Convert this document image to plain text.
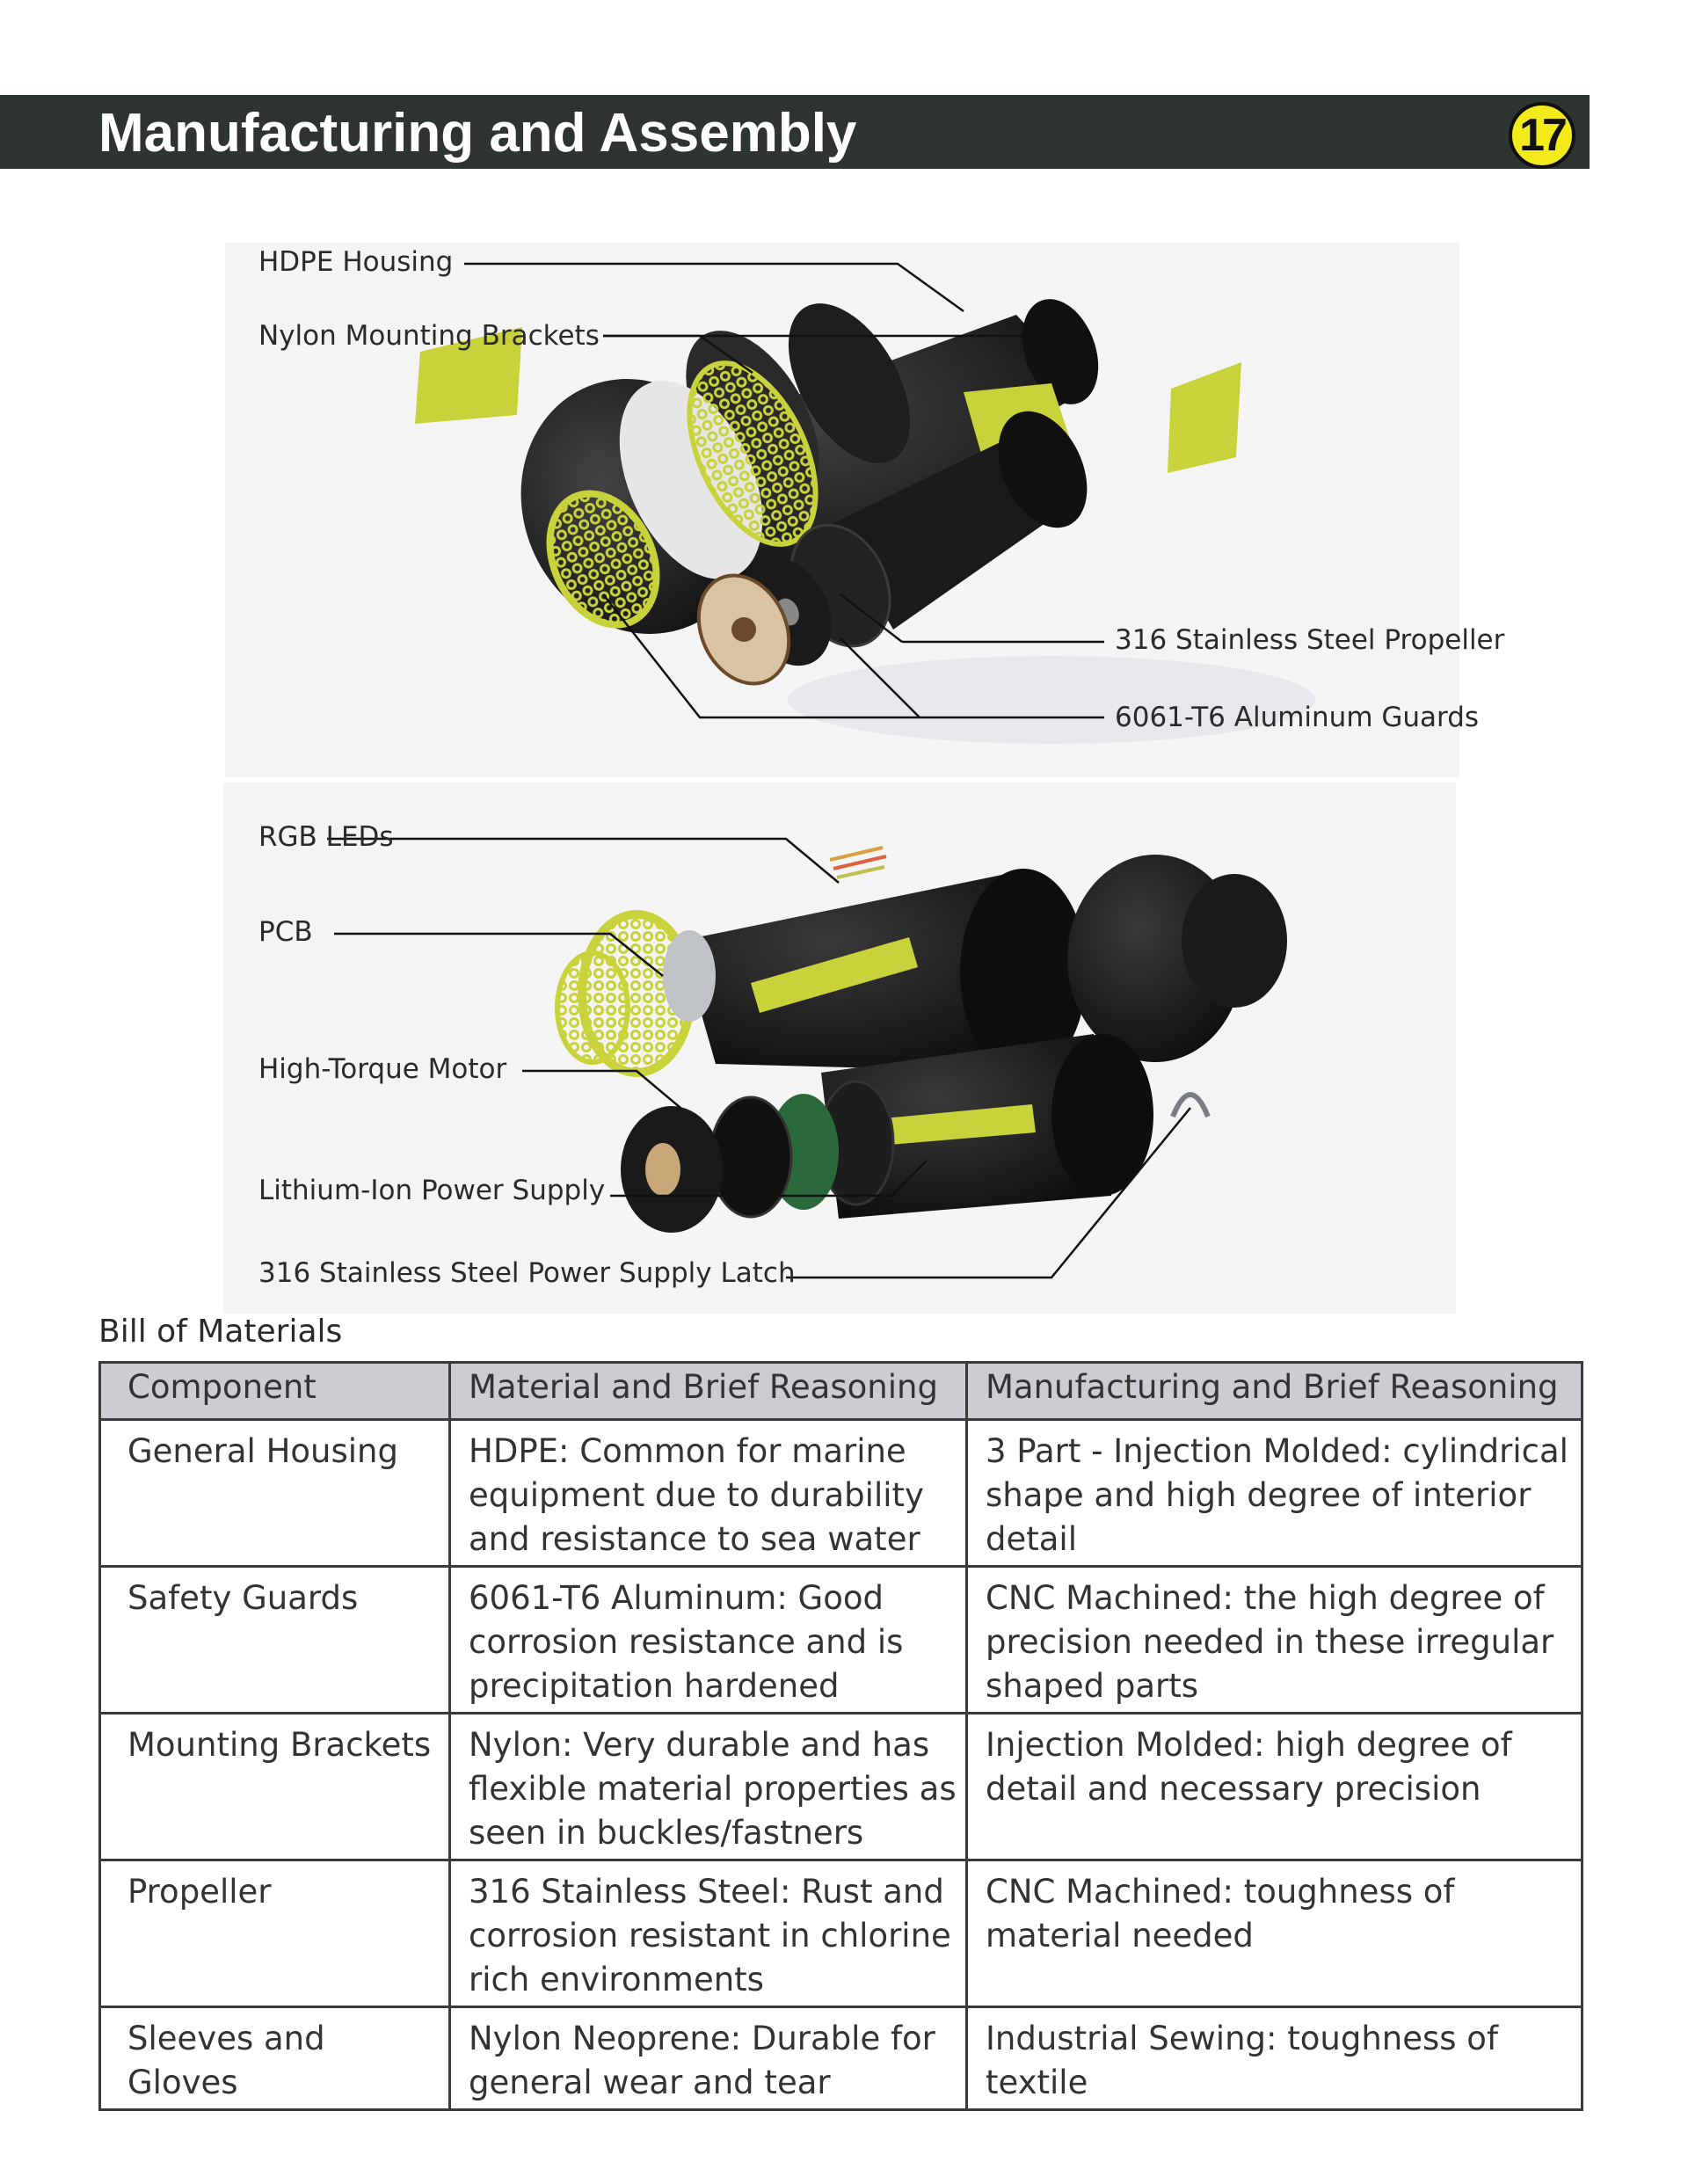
Manufacturing and Assembly	17
HDPE Housing
Nylon Mounting Brackets
316 Stainless Steel Propeller
6061-T6 Aluminum Guards
RGB LEDs
PCB
High-Torque Motor
Lithium-Ion Power Supply
316 Stainless Steel Power Supply Latch
Bill of Materials
Component	Material and Brief Reasoning	Manufacturing and Brief Reasoning
General Housing	HDPE: Common for marine equipment due to durability and resistance to sea water	3 Part - Injection Molded: cylindrical shape and high degree of interior detail
Safety Guards	6061-T6 Aluminum: Good corrosion resistance and is precipitation hardened	CNC Machined: the high degree of precision needed in these irregular shaped parts
Mounting Brackets	Nylon: Very durable and has flexible material properties as seen in buckles/fastners	Injection Molded: high degree of detail and necessary precision
Propeller	316 Stainless Steel: Rust and corrosion resistant in chlorine rich environments	CNC Machined: toughness of material needed
Sleeves and Gloves	Nylon Neoprene: Durable for general wear and tear	Industrial Sewing: toughness of textile
